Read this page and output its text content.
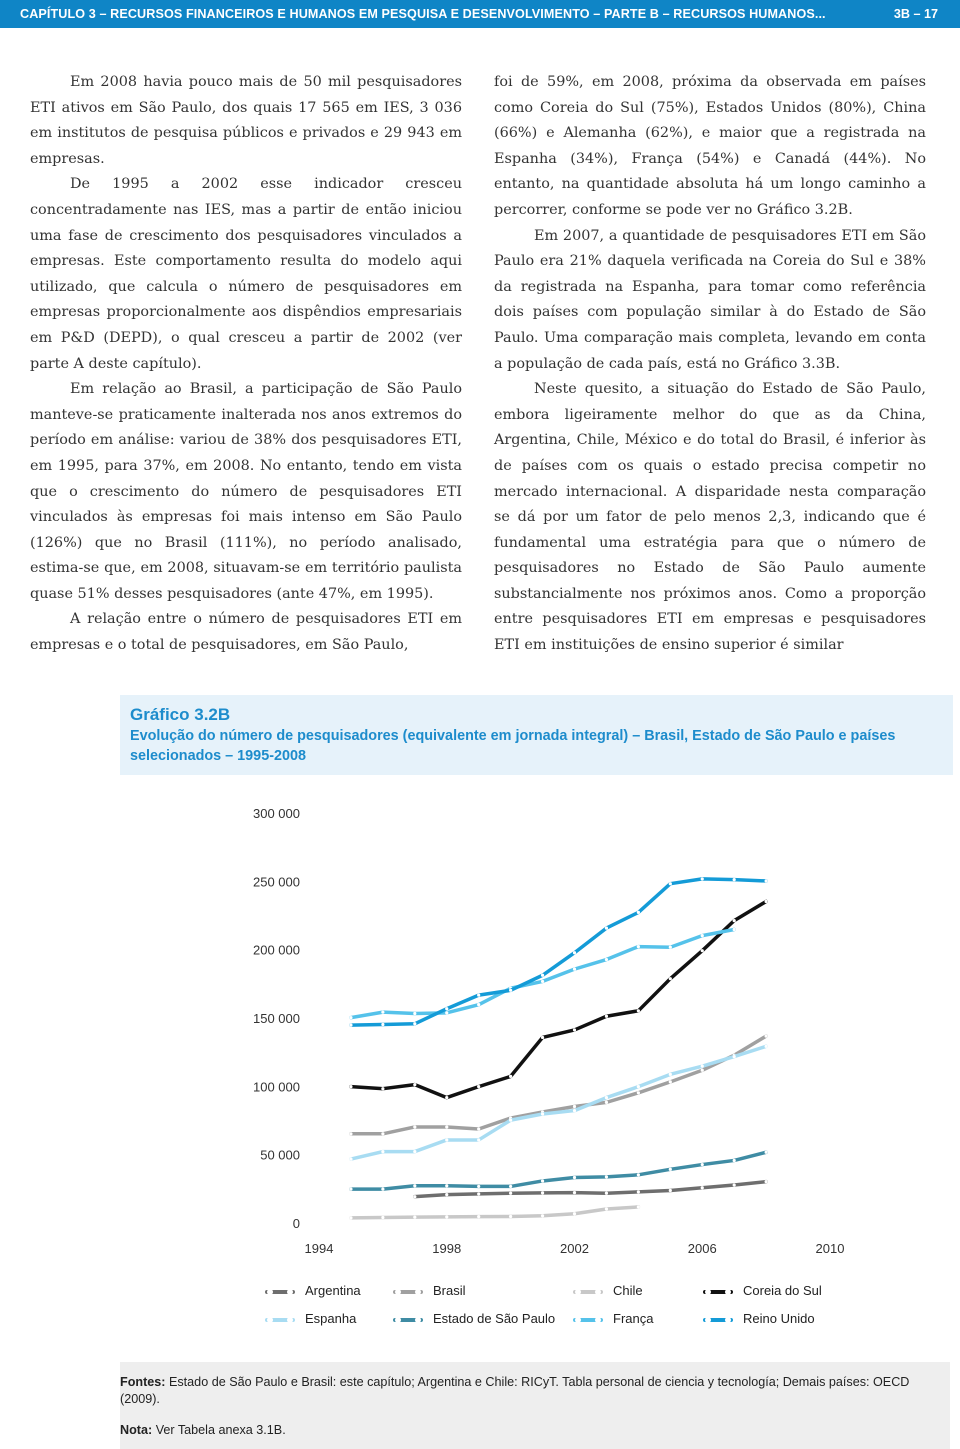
CAPÍTULO 3 – RECURSOS FINANCEIROS E HUMANOS EM PESQUISA E DESENVOLVIMENTO – PARTE B – RECURSOS HUMANOS...	3B – 17

Em 2008 havia pouco mais de 50 mil pesquisadores ETI ativos em São Paulo, dos quais 17 565 em IES, 3 036 em institutos de pesquisa públicos e privados e 29 943 em empresas.

De 1995 a 2002 esse indicador cresceu concentradamente nas IES, mas a partir de então iniciou uma fase de crescimento dos pesquisadores vinculados a empresas. Este comportamento resulta do modelo aqui utilizado, que calcula o número de pesquisadores em empresas proporcionalmente aos dispêndios empresariais em P&D (DEPD), o qual cresceu a partir de 2002 (ver parte A deste capítulo).

Em relação ao Brasil, a participação de São Paulo manteve-se praticamente inalterada nos anos extremos do período em análise: variou de 38% dos pesquisadores ETI, em 1995, para 37%, em 2008. No entanto, tendo em vista que o crescimento do número de pesquisadores ETI vinculados às empresas foi mais intenso em São Paulo (126%) que no Brasil (111%), no período analisado, estima-se que, em 2008, situavam-se em território paulista quase 51% desses pesquisadores (ante 47%, em 1995).

A relação entre o número de pesquisadores ETI em empresas e o total de pesquisadores, em São Paulo,

foi de 59%, em 2008, próxima da observada em países como Coreia do Sul (75%), Estados Unidos (80%), China (66%) e Alemanha (62%), e maior que a registrada na Espanha (34%), França (54%) e Canadá (44%). No entanto, na quantidade absoluta há um longo caminho a percorrer, conforme se pode ver no Gráfico 3.2B.

Em 2007, a quantidade de pesquisadores ETI em São Paulo era 21% daquela verificada na Coreia do Sul e 38% da registrada na Espanha, para tomar como referência dois países com população similar à do Estado de São Paulo. Uma comparação mais completa, levando em conta a população de cada país, está no Gráfico 3.3B.

Neste quesito, a situação do Estado de São Paulo, embora ligeiramente melhor do que as da China, Argentina, Chile, México e do total do Brasil, é inferior às de países com os quais o estado precisa competir no mercado internacional. A disparidade nesta comparação se dá por um fator de pelo menos 2,3, indicando que é fundamental uma estratégia para que o número de pesquisadores no Estado de São Paulo aumente substancialmente nos próximos anos. Como a proporção entre pesquisadores ETI em empresas e pesquisadores ETI em instituições de ensino superior é similar

Gráfico 3.2B
Evolução do número de pesquisadores (equivalente em jornada integral) – Brasil, Estado de São Paulo e países selecionados – 1995-2008
0
50 000
100 000
150 000
200 000
250 000
300 000
1994	1998	2002	2006	2010
Argentina	Brasil	Chile	Coreia do Sul
Espanha	Estado de São Paulo	França	Reino Unido
Fontes: Estado de São Paulo e Brasil: este capítulo; Argentina e Chile: RICyT. Tabla personal de ciencia y tecnología; Demais países: OECD (2009).
Nota: Ver Tabela anexa 3.1B.
